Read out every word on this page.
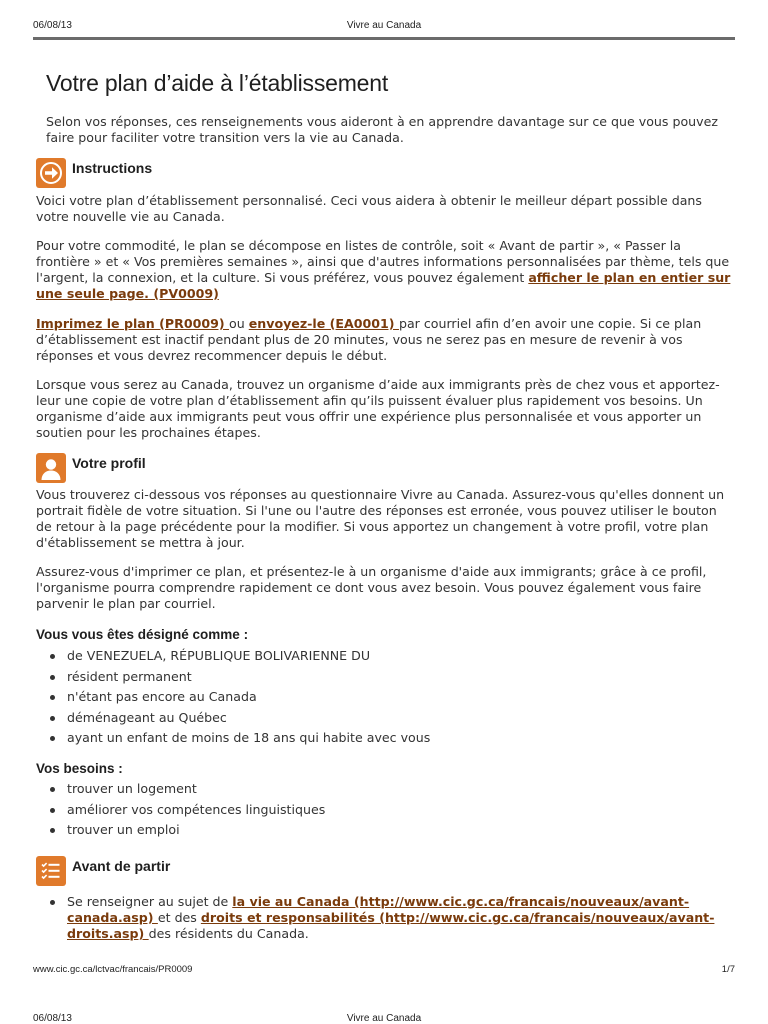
06/08/13	Vivre au Canada
Votre plan d’aide à l’établissement

Selon vos réponses, ces renseignements vous aideront à en apprendre davantage sur ce que vous pouvez faire pour faciliter votre transition vers la vie au Canada.

Instructions

Voici votre plan d’établissement personnalisé. Ceci vous aidera à obtenir le meilleur départ possible dans votre nouvelle vie au Canada.

Pour votre commodité, le plan se décompose en listes de contrôle, soit « Avant de partir », « Passer la frontière » et « Vos premières semaines », ainsi que d'autres informations personnalisées par thème, tels que l'argent, la connexion, et la culture. Si vous préférez, vous pouvez également afficher le plan en entier sur une seule page. (PV0009)

Imprimez le plan (PR0009) ou envoyez-le (EA0001) par courriel afin d’en avoir une copie. Si ce plan d’établissement est inactif pendant plus de 20 minutes, vous ne serez pas en mesure de revenir à vos réponses et vous devrez recommencer depuis le début.

Lorsque vous serez au Canada, trouvez un organisme d’aide aux immigrants près de chez vous et apportez-leur une copie de votre plan d’établissement afin qu’ils puissent évaluer plus rapidement vos besoins. Un organisme d’aide aux immigrants peut vous offrir une expérience plus personnalisée et vous apporter un soutien pour les prochaines étapes.

Votre profil

Vous trouverez ci-dessous vos réponses au questionnaire Vivre au Canada. Assurez-vous qu'elles donnent un portrait fidèle de votre situation. Si l'une ou l'autre des réponses est erronée, vous pouvez utiliser le bouton de retour à la page précédente pour la modifier. Si vous apportez un changement à votre profil, votre plan d'établissement se mettra à jour.

Assurez-vous d'imprimer ce plan, et présentez-le à un organisme d'aide aux immigrants; grâce à ce profil, l'organisme pourra comprendre rapidement ce dont vous avez besoin. Vous pouvez également vous faire parvenir le plan par courriel.

Vous vous êtes désigné comme :
de VENEZUELA, RÉPUBLIQUE BOLIVARIENNE DU
résident permanent
n'étant pas encore au Canada
déménageant au Québec
ayant un enfant de moins de 18 ans qui habite avec vous
Vos besoins :
trouver un logement
améliorer vos compétences linguistiques
trouver un emploi
Avant de partir
Se renseigner au sujet de la vie au Canada (http://www.cic.gc.ca/francais/nouveaux/avant-canada.asp) et des droits et responsabilités (http://www.cic.gc.ca/francais/nouveaux/avant-droits.asp) des résidents du Canada.
www.cic.gc.ca/lctvac/francais/PR0009	1/7
06/08/13	Vivre au Canada
